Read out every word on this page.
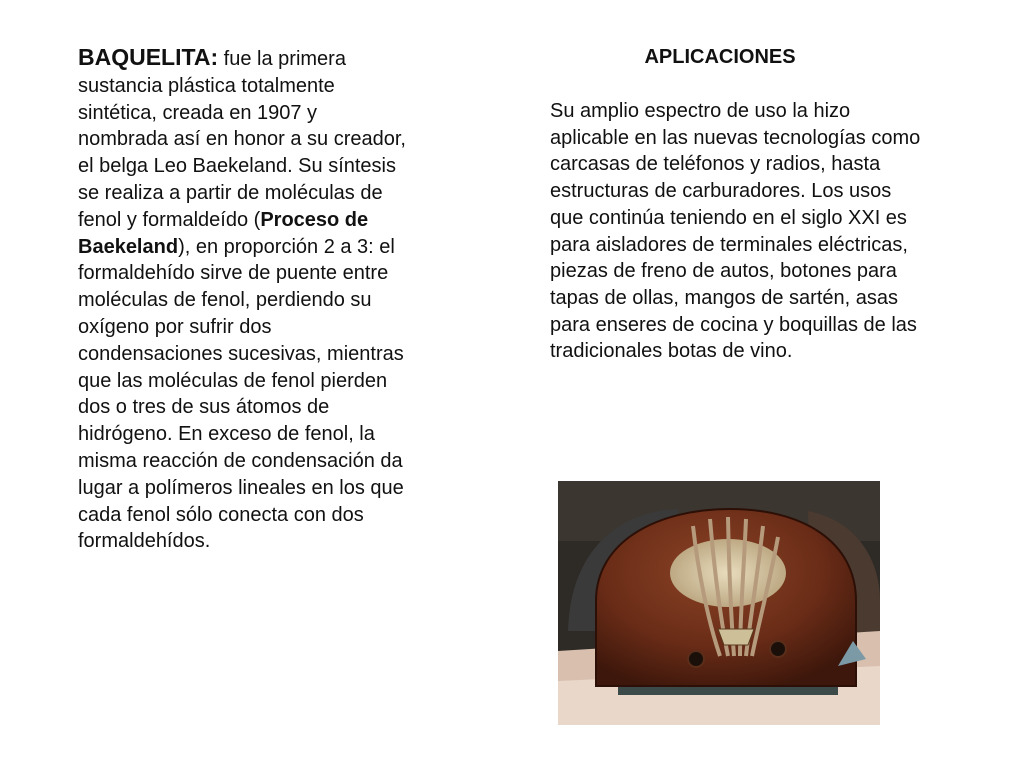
BAQUELITA: fue la primera sustancia plástica totalmente sintética, creada en 1907 y nombrada así en honor a su creador, el belga Leo Baekeland. Su síntesis se realiza a partir de moléculas de fenol y formaldeído (Proceso de Baekeland), en proporción 2 a 3: el formaldehído sirve de puente entre moléculas de fenol, perdiendo su oxígeno por sufrir dos condensaciones sucesivas, mientras que las moléculas de fenol pierden dos o tres de sus átomos de hidrógeno. En exceso de fenol, la misma reacción de condensación da lugar a polímeros lineales en los que cada fenol sólo conecta con dos formaldehídos.

APLICACIONES

Su amplio espectro de uso la hizo aplicable en las nuevas tecnologías como carcasas de teléfonos y radios, hasta estructuras de carburadores. Los usos que continúa teniendo en el siglo XXI es para aisladores de terminales eléctricas, piezas de freno de autos, botones para tapas de ollas, mangos de sartén, asas para enseres de cocina y boquillas de las tradicionales botas de vino.
